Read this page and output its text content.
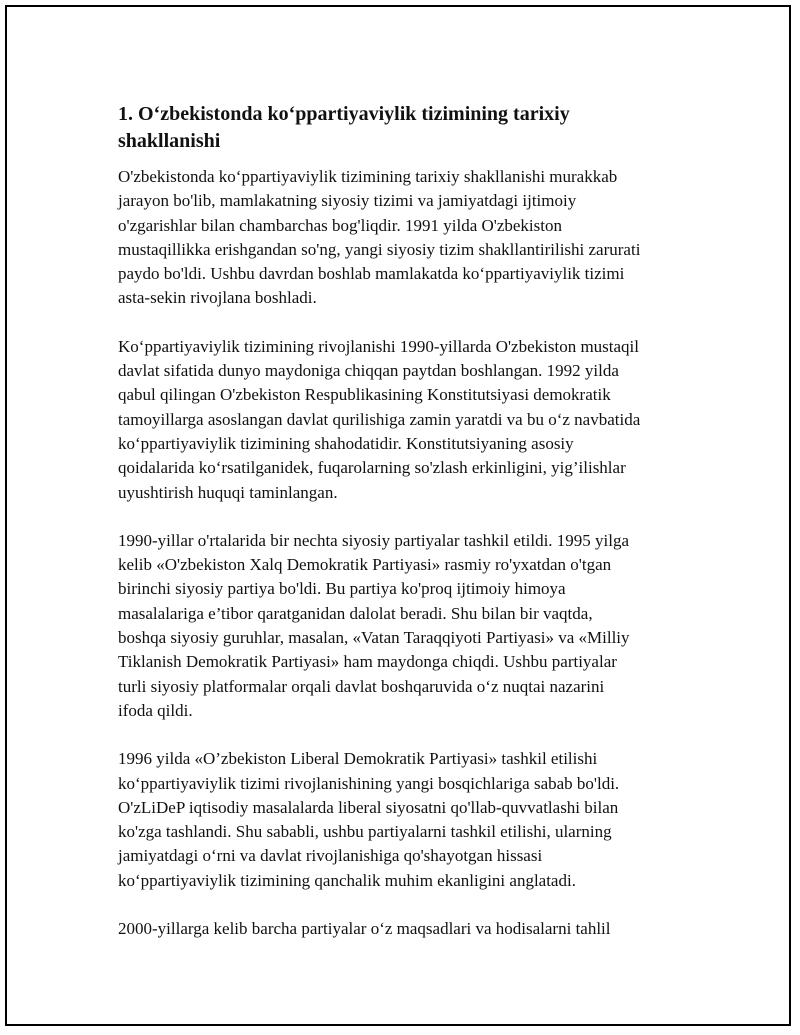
1. O‘zbekistonda ko‘ppartiyaviylik tizimining tarixiy
shakllanishi

O'zbekistonda ko‘ppartiyaviylik tizimining tarixiy shakllanishi murakkab
jarayon bo'lib, mamlakatning siyosiy tizimi va jamiyatdagi ijtimoiy
o'zgarishlar bilan chambarchas bog'liqdir. 1991 yilda O'zbekiston
mustaqillikka erishgandan so'ng, yangi siyosiy tizim shakllantirilishi zarurati
paydo bo'ldi. Ushbu davrdan boshlab mamlakatda ko‘ppartiyaviylik tizimi
asta-sekin rivojlana boshladi.

Ko‘ppartiyaviylik tizimining rivojlanishi 1990-yillarda O'zbekiston mustaqil
davlat sifatida dunyo maydoniga chiqqan paytdan boshlangan. 1992 yilda
qabul qilingan O'zbekiston Respublikasining Konstitutsiyasi demokratik
tamoyillarga asoslangan davlat qurilishiga zamin yaratdi va bu o‘z navbatida
ko‘ppartiyaviylik tizimining shahodatidir. Konstitutsiyaning asosiy
qoidalarida ko‘rsatilganidek, fuqarolarning so'zlash erkinligini, yig’ilishlar
uyushtirish huquqi taminlangan.

1990-yillar o'rtalarida bir nechta siyosiy partiyalar tashkil etildi. 1995 yilga
kelib «O'zbekiston Xalq Demokratik Partiyasi» rasmiy ro'yxatdan o'tgan
birinchi siyosiy partiya bo'ldi. Bu partiya ko'proq ijtimoiy himoya
masalalariga e’tibor qaratganidan dalolat beradi. Shu bilan bir vaqtda,
boshqa siyosiy guruhlar, masalan, «Vatan Taraqqiyoti Partiyasi» va «Milliy
Tiklanish Demokratik Partiyasi» ham maydonga chiqdi. Ushbu partiyalar
turli siyosiy platformalar orqali davlat boshqaruvida o‘z nuqtai nazarini
ifoda qildi.

1996 yilda «O’zbekiston Liberal Demokratik Partiyasi» tashkil etilishi
ko‘ppartiyaviylik tizimi rivojlanishining yangi bosqichlariga sabab bo'ldi.
O'zLiDeP iqtisodiy masalalarda liberal siyosatni qo'llab-quvvatlashi bilan
ko'zga tashlandi. Shu sababli, ushbu partiyalarni tashkil etilishi, ularning
jamiyatdagi o‘rni va davlat rivojlanishiga qo'shayotgan hissasi
ko‘ppartiyaviylik tizimining qanchalik muhim ekanligini anglatadi.

2000-yillarga kelib barcha partiyalar o‘z maqsadlari va hodisalarni tahlil
